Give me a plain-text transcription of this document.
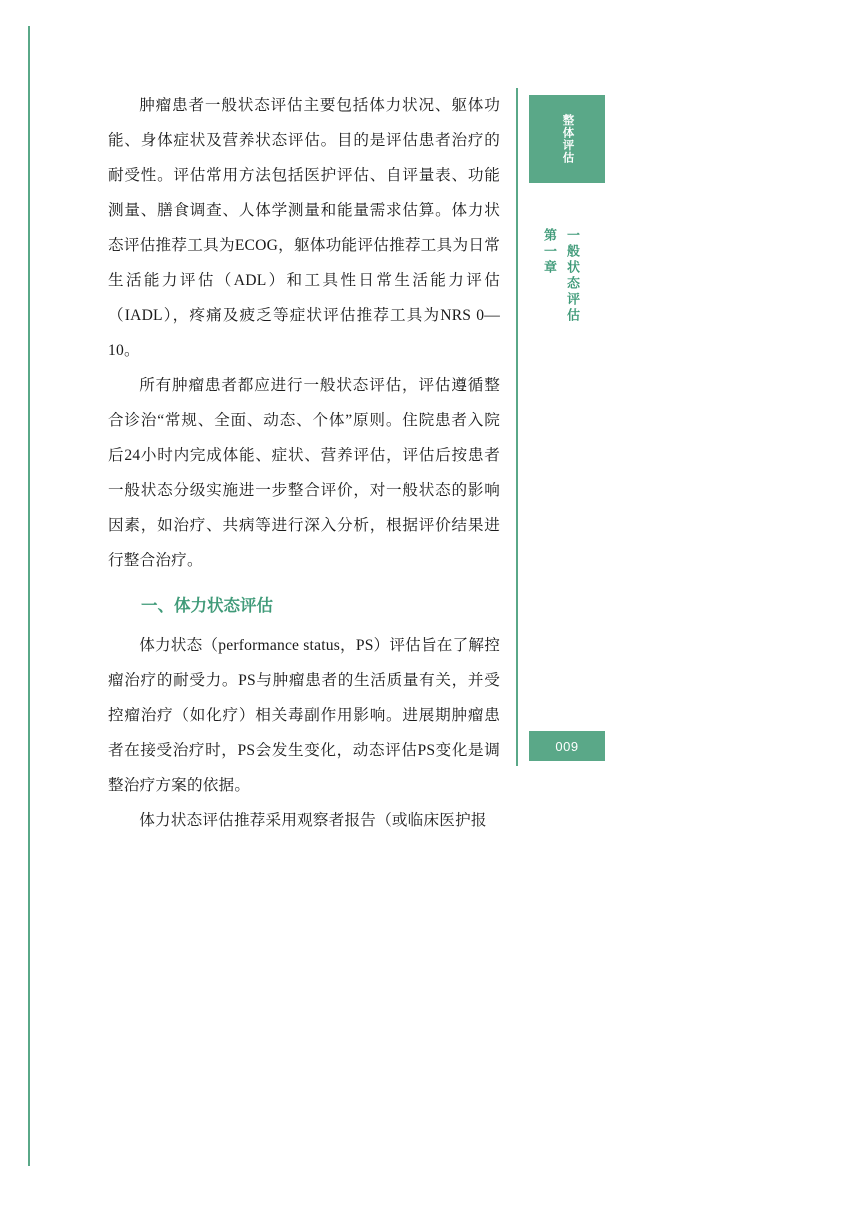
肿瘤患者一般状态评估主要包括体力状况、躯体功能、身体症状及营养状态评估。目的是评估患者治疗的耐受性。评估常用方法包括医护评估、自评量表、功能测量、膳食调查、人体学测量和能量需求估算。体力状态评估推荐工具为ECOG，躯体功能评估推荐工具为日常生活能力评估（ADL）和工具性日常生活能力评估（IADL），疼痛及疲乏等症状评估推荐工具为NRS 0—10。

所有肿瘤患者都应进行一般状态评估，评估遵循整合诊治“常规、全面、动态、个体”原则。住院患者入院后24小时内完成体能、症状、营养评估，评估后按患者一般状态分级实施进一步整合评价，对一般状态的影响因素，如治疗、共病等进行深入分析，根据评价结果进行整合治疗。

一、体力状态评估

体力状态（performance status，PS）评估旨在了解控瘤治疗的耐受力。PS与肿瘤患者的生活质量有关，并受控瘤治疗（如化疗）相关毒副作用影响。进展期肿瘤患者在接受治疗时，PS会发生变化，动态评估PS变化是调整治疗方案的依据。

体力状态评估推荐采用观察者报告（或临床医护报

整体评估
第一章 一般状态评估
009
